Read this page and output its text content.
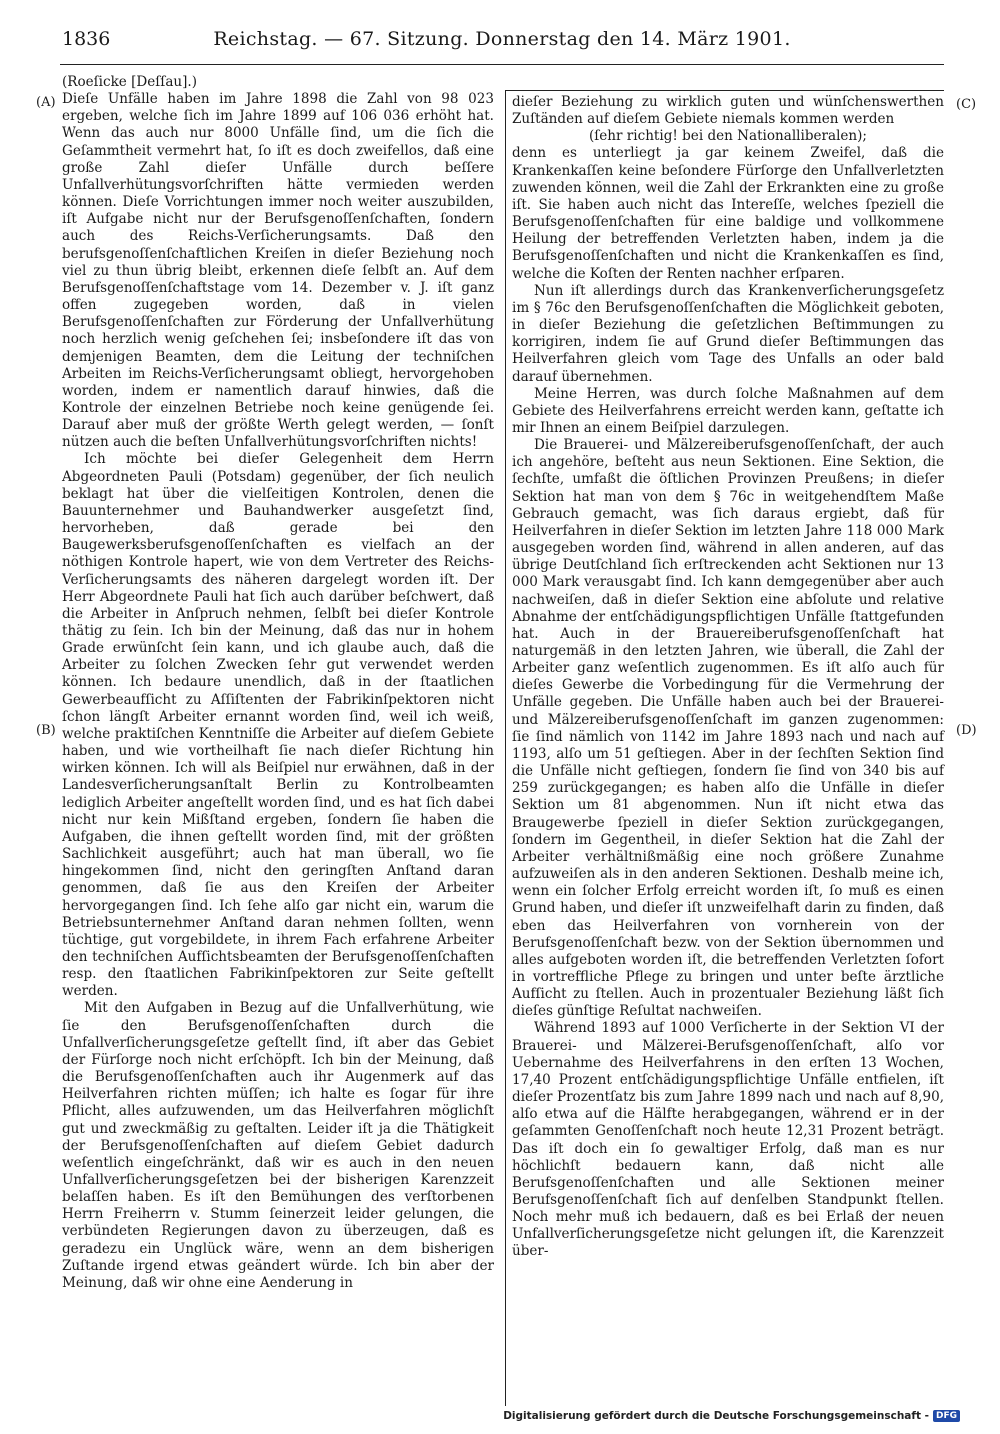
1836	Reichstag. — 67. Sitzung. Donnerstag den 14. März 1901.
(A)
(B)
(C)
(D)

(Roeſicke [Deſſau].)

Dieſe Unfälle haben im Jahre 1898 die Zahl von 98 023 ergeben, welche ſich im Jahre 1899 auf 106 036 erhöht hat. Wenn das auch nur 8000 Unfälle ſind, um die ſich die Geſammtheit vermehrt hat, ſo iſt es doch zweifellos, daß eine große Zahl dieſer Unfälle durch beſſere Unfallverhütungsvorſchriften hätte vermieden werden können. Dieſe Vorrichtungen immer noch weiter auszubilden, iſt Aufgabe nicht nur der Berufsgenoſſenſchaften, ſondern auch des Reichs-Verſicherungsamts. Daß den berufsgenoſſenſchaftlichen Kreiſen in dieſer Beziehung noch viel zu thun übrig bleibt, erkennen dieſe ſelbſt an. Auf dem Berufsgenoſſenſchaftstage vom 14. Dezember v. J. iſt ganz offen zugegeben worden, daß in vielen Berufsgenoſſenſchaften zur Förderung der Unfallverhütung noch herzlich wenig geſchehen ſei; insbeſondere iſt das von demjenigen Beamten, dem die Leitung der techniſchen Arbeiten im Reichs-Verſicherungsamt obliegt, hervorgehoben worden, indem er namentlich darauf hinwies, daß die Kontrole der einzelnen Betriebe noch keine genügende ſei. Darauf aber muß der größte Werth gelegt werden, — ſonſt nützen auch die beſten Unfallverhütungsvorſchriften nichts!

Ich möchte bei dieſer Gelegenheit dem Herrn Abgeordneten Pauli (Potsdam) gegenüber, der ſich neulich beklagt hat über die vielſeitigen Kontrolen, denen die Bauunternehmer und Bauhandwerker ausgeſetzt ſind, hervorheben, daß gerade bei den Baugewerksberufsgenoſſenſchaften es vielfach an der nöthigen Kontrole hapert, wie von dem Vertreter des Reichs-Verſicherungsamts des näheren dargelegt worden iſt. Der Herr Abgeordnete Pauli hat ſich auch darüber beſchwert, daß die Arbeiter in Anſpruch nehmen, ſelbſt bei dieſer Kontrole thätig zu ſein. Ich bin der Meinung, daß das nur in hohem Grade erwünſcht ſein kann, und ich glaube auch, daß die Arbeiter zu ſolchen Zwecken ſehr gut verwendet werden können. Ich bedaure unendlich, daß in der ſtaatlichen Gewerbeaufſicht zu Aſſiſtenten der Fabrikinſpektoren nicht ſchon längſt Arbeiter ernannt worden ſind, weil ich weiß, welche praktiſchen Kenntniſſe die Arbeiter auf dieſem Gebiete haben, und wie vortheilhaft ſie nach dieſer Richtung hin wirken können. Ich will als Beiſpiel nur erwähnen, daß in der Landesverſicherungsanſtalt Berlin zu Kontrolbeamten lediglich Arbeiter angeſtellt worden ſind, und es hat ſich dabei nicht nur kein Mißſtand ergeben, ſondern ſie haben die Aufgaben, die ihnen geſtellt worden ſind, mit der größten Sachlichkeit ausgeführt; auch hat man überall, wo ſie hingekommen ſind, nicht den geringſten Anſtand daran genommen, daß ſie aus den Kreiſen der Arbeiter hervorgegangen ſind. Ich ſehe alſo gar nicht ein, warum die Betriebsunternehmer Anſtand daran nehmen ſollten, wenn tüchtige, gut vorgebildete, in ihrem Fach erfahrene Arbeiter den techniſchen Aufſichtsbeamten der Berufsgenoſſenſchaften resp. den ſtaatlichen Fabrikinſpektoren zur Seite geſtellt werden.

Mit den Aufgaben in Bezug auf die Unfallverhütung, wie ſie den Berufsgenoſſenſchaften durch die Unfallverſicherungsgeſetze geſtellt ſind, iſt aber das Gebiet der Fürſorge noch nicht erſchöpft. Ich bin der Meinung, daß die Berufsgenoſſenſchaften auch ihr Augenmerk auf das Heilverfahren richten müſſen; ich halte es ſogar für ihre Pflicht, alles aufzuwenden, um das Heilverfahren möglichſt gut und zweckmäßig zu geſtalten. Leider iſt ja die Thätigkeit der Berufsgenoſſenſchaften auf dieſem Gebiet dadurch weſentlich eingeſchränkt, daß wir es auch in den neuen Unfallverſicherungsgeſetzen bei der bisherigen Karenzzeit belaſſen haben. Es iſt den Bemühungen des verſtorbenen Herrn Freiherrn v. Stumm ſeinerzeit leider gelungen, die verbündeten Regierungen davon zu überzeugen, daß es geradezu ein Unglück wäre, wenn an dem bisherigen Zuſtande irgend etwas geändert würde. Ich bin aber der Meinung, daß wir ohne eine Aenderung in

dieſer Beziehung zu wirklich guten und wünſchenswerthen Zuſtänden auf dieſem Gebiete niemals kommen werden

(ſehr richtig! bei den Nationalliberalen);

denn es unterliegt ja gar keinem Zweifel, daß die Krankenkaſſen keine beſondere Fürſorge den Unfallverletzten zuwenden können, weil die Zahl der Erkrankten eine zu große iſt. Sie haben auch nicht das Intereſſe, welches ſpeziell die Berufsgenoſſenſchaften für eine baldige und vollkommene Heilung der betreffenden Verletzten haben, indem ja die Berufsgenoſſenſchaften und nicht die Krankenkaſſen es ſind, welche die Koſten der Renten nachher erſparen.

Nun iſt allerdings durch das Krankenverſicherungsgeſetz im § 76c den Berufsgenoſſenſchaften die Möglichkeit geboten, in dieſer Beziehung die geſetzlichen Beſtimmungen zu korrigiren, indem ſie auf Grund dieſer Beſtimmungen das Heilverfahren gleich vom Tage des Unfalls an oder bald darauf übernehmen.

Meine Herren, was durch ſolche Maßnahmen auf dem Gebiete des Heilverfahrens erreicht werden kann, geſtatte ich mir Ihnen an einem Beiſpiel darzulegen.

Die Brauerei- und Mälzereiberufsgenoſſenſchaft, der auch ich angehöre, beſteht aus neun Sektionen. Eine Sektion, die ſechſte, umfaßt die öſtlichen Provinzen Preußens; in dieſer Sektion hat man von dem § 76c in weitgehendſtem Maße Gebrauch gemacht, was ſich daraus ergiebt, daß für Heilverfahren in dieſer Sektion im letzten Jahre 118 000 Mark ausgegeben worden ſind, während in allen anderen, auf das übrige Deutſchland ſich erſtreckenden acht Sektionen nur 13 000 Mark verausgabt ſind. Ich kann demgegenüber aber auch nachweiſen, daß in dieſer Sektion eine abſolute und relative Abnahme der entſchädigungspflichtigen Unfälle ſtattgefunden hat. Auch in der Brauereiberufsgenoſſenſchaft hat naturgemäß in den letzten Jahren, wie überall, die Zahl der Arbeiter ganz weſentlich zugenommen. Es iſt alſo auch für dieſes Gewerbe die Vorbedingung für die Vermehrung der Unfälle gegeben. Die Unfälle haben auch bei der Brauerei- und Mälzereiberufsgenoſſenſchaft im ganzen zugenommen: ſie ſind nämlich von 1142 im Jahre 1893 nach und nach auf 1193, alſo um 51 geſtiegen. Aber in der ſechſten Sektion ſind die Unfälle nicht geſtiegen, ſondern ſie ſind von 340 bis auf 259 zurückgegangen; es haben alſo die Unfälle in dieſer Sektion um 81 abgenommen. Nun iſt nicht etwa das Braugewerbe ſpeziell in dieſer Sektion zurückgegangen, ſondern im Gegentheil, in dieſer Sektion hat die Zahl der Arbeiter verhältnißmäßig eine noch größere Zunahme aufzuweiſen als in den anderen Sektionen. Deshalb meine ich, wenn ein ſolcher Erfolg erreicht worden iſt, ſo muß es einen Grund haben, und dieſer iſt unzweifelhaft darin zu finden, daß eben das Heilverfahren von vornherein von der Berufsgenoſſenſchaft bezw. von der Sektion übernommen und alles aufgeboten worden iſt, die betreffenden Verletzten ſofort in vortreffliche Pflege zu bringen und unter beſte ärztliche Aufſicht zu ſtellen. Auch in prozentualer Beziehung läßt ſich dieſes günſtige Reſultat nachweiſen.

Während 1893 auf 1000 Verſicherte in der Sektion VI der Brauerei- und Mälzerei-Berufsgenoſſenſchaft, alſo vor Uebernahme des Heilverfahrens in den erſten 13 Wochen, 17,40 Prozent entſchädigungspflichtige Unfälle entfielen, iſt dieſer Prozentſatz bis zum Jahre 1899 nach und nach auf 8,90, alſo etwa auf die Hälfte herabgegangen, während er in der geſammten Genoſſenſchaft noch heute 12,31 Prozent beträgt. Das iſt doch ein ſo gewaltiger Erfolg, daß man es nur höchlichſt bedauern kann, daß nicht alle Berufsgenoſſenſchaften und alle Sektionen meiner Berufsgenoſſenſchaft ſich auf denſelben Standpunkt ſtellen. Noch mehr muß ich bedauern, daß es bei Erlaß der neuen Unfallverſicherungsgeſetze nicht gelungen iſt, die Karenzzeit über-

Digitalisierung gefördert durch die Deutsche Forschungsgemeinschaft - DFG
